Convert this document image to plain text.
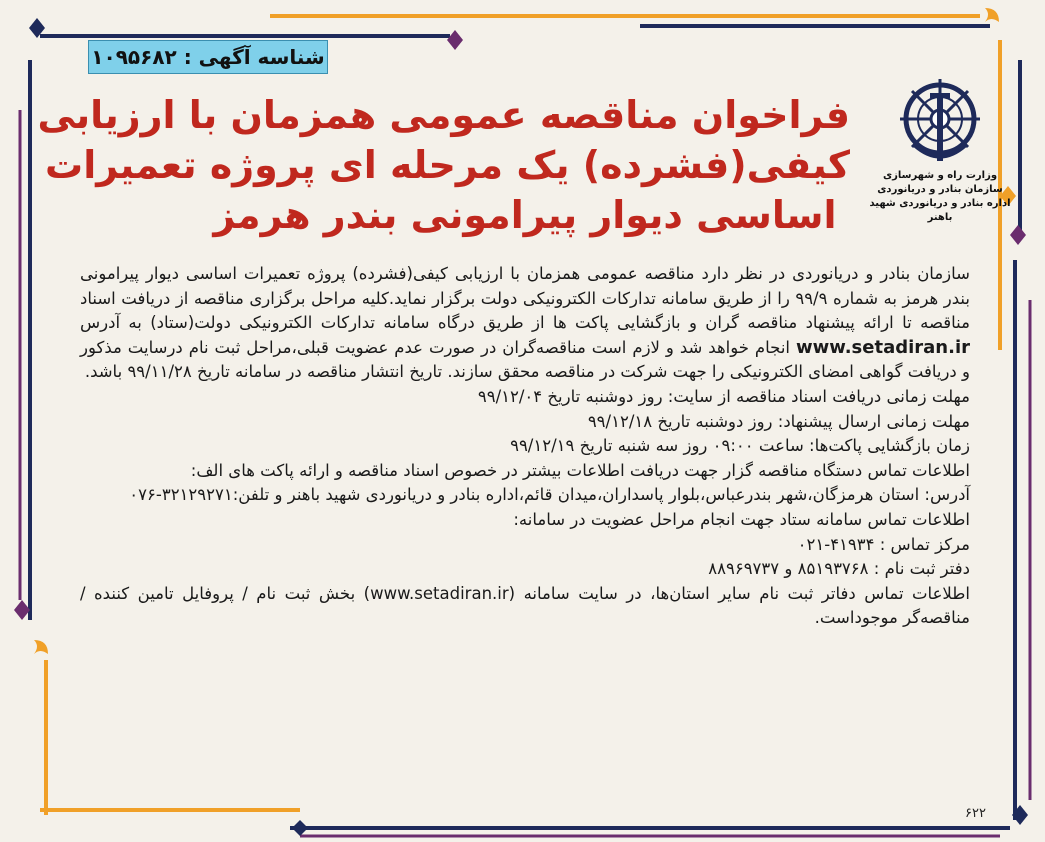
شناسه آگهی : ۱۰۹۵۶۸۲
وزارت راه و شهرسازی
سازمان بنادر و دریانوردی
اداره بنادر و دریانوردی شهید باهنر
فراخوان مناقصه عمومی همزمان با ارزیابی
کیفی(فشرده) یک مرحله ای پروژه تعمیرات
اساسی دیوار پیرامونی بندر هرمز

سازمان بنادر و دریانوردی در نظر دارد مناقصه عمومی همزمان با ارزیابی کیفی(فشرده) پروژه تعمیرات اساسی دیوار پیرامونی بندر هرمز به شماره ۹۹/۹ را از طریق سامانه تدارکات الکترونیکی دولت برگزار نماید.کلیه مراحل برگزاری مناقصه از دریافت اسناد مناقصه تا ارائه پیشنهاد مناقصه گران و بازگشایی پاکت ها از طریق درگاه سامانه تدارکات الکترونیکی دولت(ستاد) به آدرس www.setadiran.ir انجام خواهد شد و لازم است مناقصه‌گران در صورت عدم عضویت قبلی،مراحل ثبت نام درسایت مذکور و دریافت گواهی امضای الکترونیکی را جهت شرکت در مناقصه محقق سازند. تاریخ انتشار مناقصه در سامانه تاریخ ۹۹/۱۱/۲۸ باشد.

مهلت زمانی دریافت اسناد مناقصه از سایت: روز دوشنبه تاریخ ۹۹/۱۲/۰۴

مهلت زمانی ارسال پیشنهاد: روز دوشنبه تاریخ ۹۹/۱۲/۱۸

زمان بازگشایی پاکت‌ها: ساعت ۰۹:۰۰ روز سه شنبه تاریخ ۹۹/۱۲/۱۹

اطلاعات تماس دستگاه مناقصه گزار جهت دریافت اطلاعات بیشتر در خصوص اسناد مناقصه و ارائه پاکت های الف:

آدرس: استان هرمزگان،شهر بندرعباس،بلوار پاسداران،میدان قائم،اداره بنادر و دریانوردی شهید باهنر و تلفن:۳۲۱۲۹۲۷۱-۰۷۶

اطلاعات تماس سامانه ستاد جهت انجام مراحل عضویت در سامانه:

مرکز تماس : ۴۱۹۳۴-۰۲۱

دفتر ثبت نام : ۸۵۱۹۳۷۶۸ و ۸۸۹۶۹۷۳۷

اطلاعات تماس دفاتر ثبت نام سایر استان‌ها، در سایت سامانه (www.setadiran.ir) بخش ثبت نام / پروفایل تامین کننده / مناقصه‌گر موجوداست.

۶۲۲
